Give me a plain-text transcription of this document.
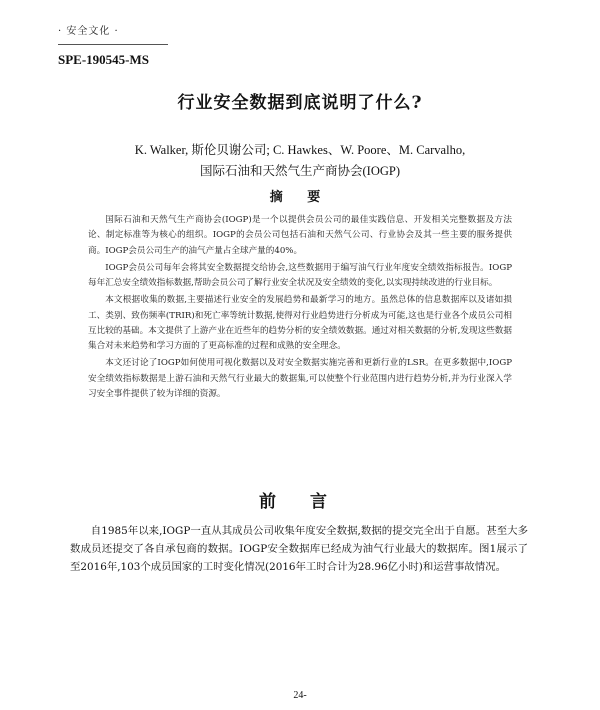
· 安全文化 ·
SPE-190545-MS
行业安全数据到底说明了什么?
K. Walker, 斯伦贝谢公司; C. Hawkes、W. Poore、M. Carvalho,
国际石油和天然气生产商协会(IOGP)
摘 要

国际石油和天然气生产商协会(IOGP)是一个以提供会员公司的最佳实践信息、开发相关完整数据及方法论、制定标准等为核心的组织。IOGP的会员公司包括石油和天然气公司、行业协会及其一些主要的服务提供商。IOGP会员公司生产的油气产量占全球产量的40%。

IOGP会员公司每年会将其安全数据提交给协会,这些数据用于编写油气行业年度安全绩效指标报告。IOGP每年汇总安全绩效指标数据,帮助会员公司了解行业安全状况及安全绩效的变化,以实现持续改进的行业目标。

本文根据收集的数据,主要描述行业安全的发展趋势和最新学习的地方。虽然总体的信息数据库以及诸如损工、类别、致伤频率(TRIR)和死亡率等统计数据,使得对行业趋势进行分析成为可能,这也是行业各个成员公司相互比较的基础。本文提供了上游产业在近些年的趋势分析的安全绩效数据。通过对相关数据的分析,发现这些数据集合对未来趋势和学习方面的了更高标准的过程和成熟的安全理念。

本文还讨论了IOGP如何使用可视化数据以及对安全数据实施完善和更新行业的LSR。在更多数据中,IOGP安全绩效指标数据是上游石油和天然气行业最大的数据集,可以使整个行业范围内进行趋势分析,并为行业深入学习安全事件提供了较为详细的资源。

前 言

自1985年以来,IOGP一直从其成员公司收集年度安全数据,数据的提交完全出于自愿。甚至大多数成员还提交了各自承包商的数据。IOGP安全数据库已经成为油气行业最大的数据库。图1展示了至2016年,103个成员国家的工时变化情况(2016年工时合计为28.96亿小时)和运营事故情况。

24-
